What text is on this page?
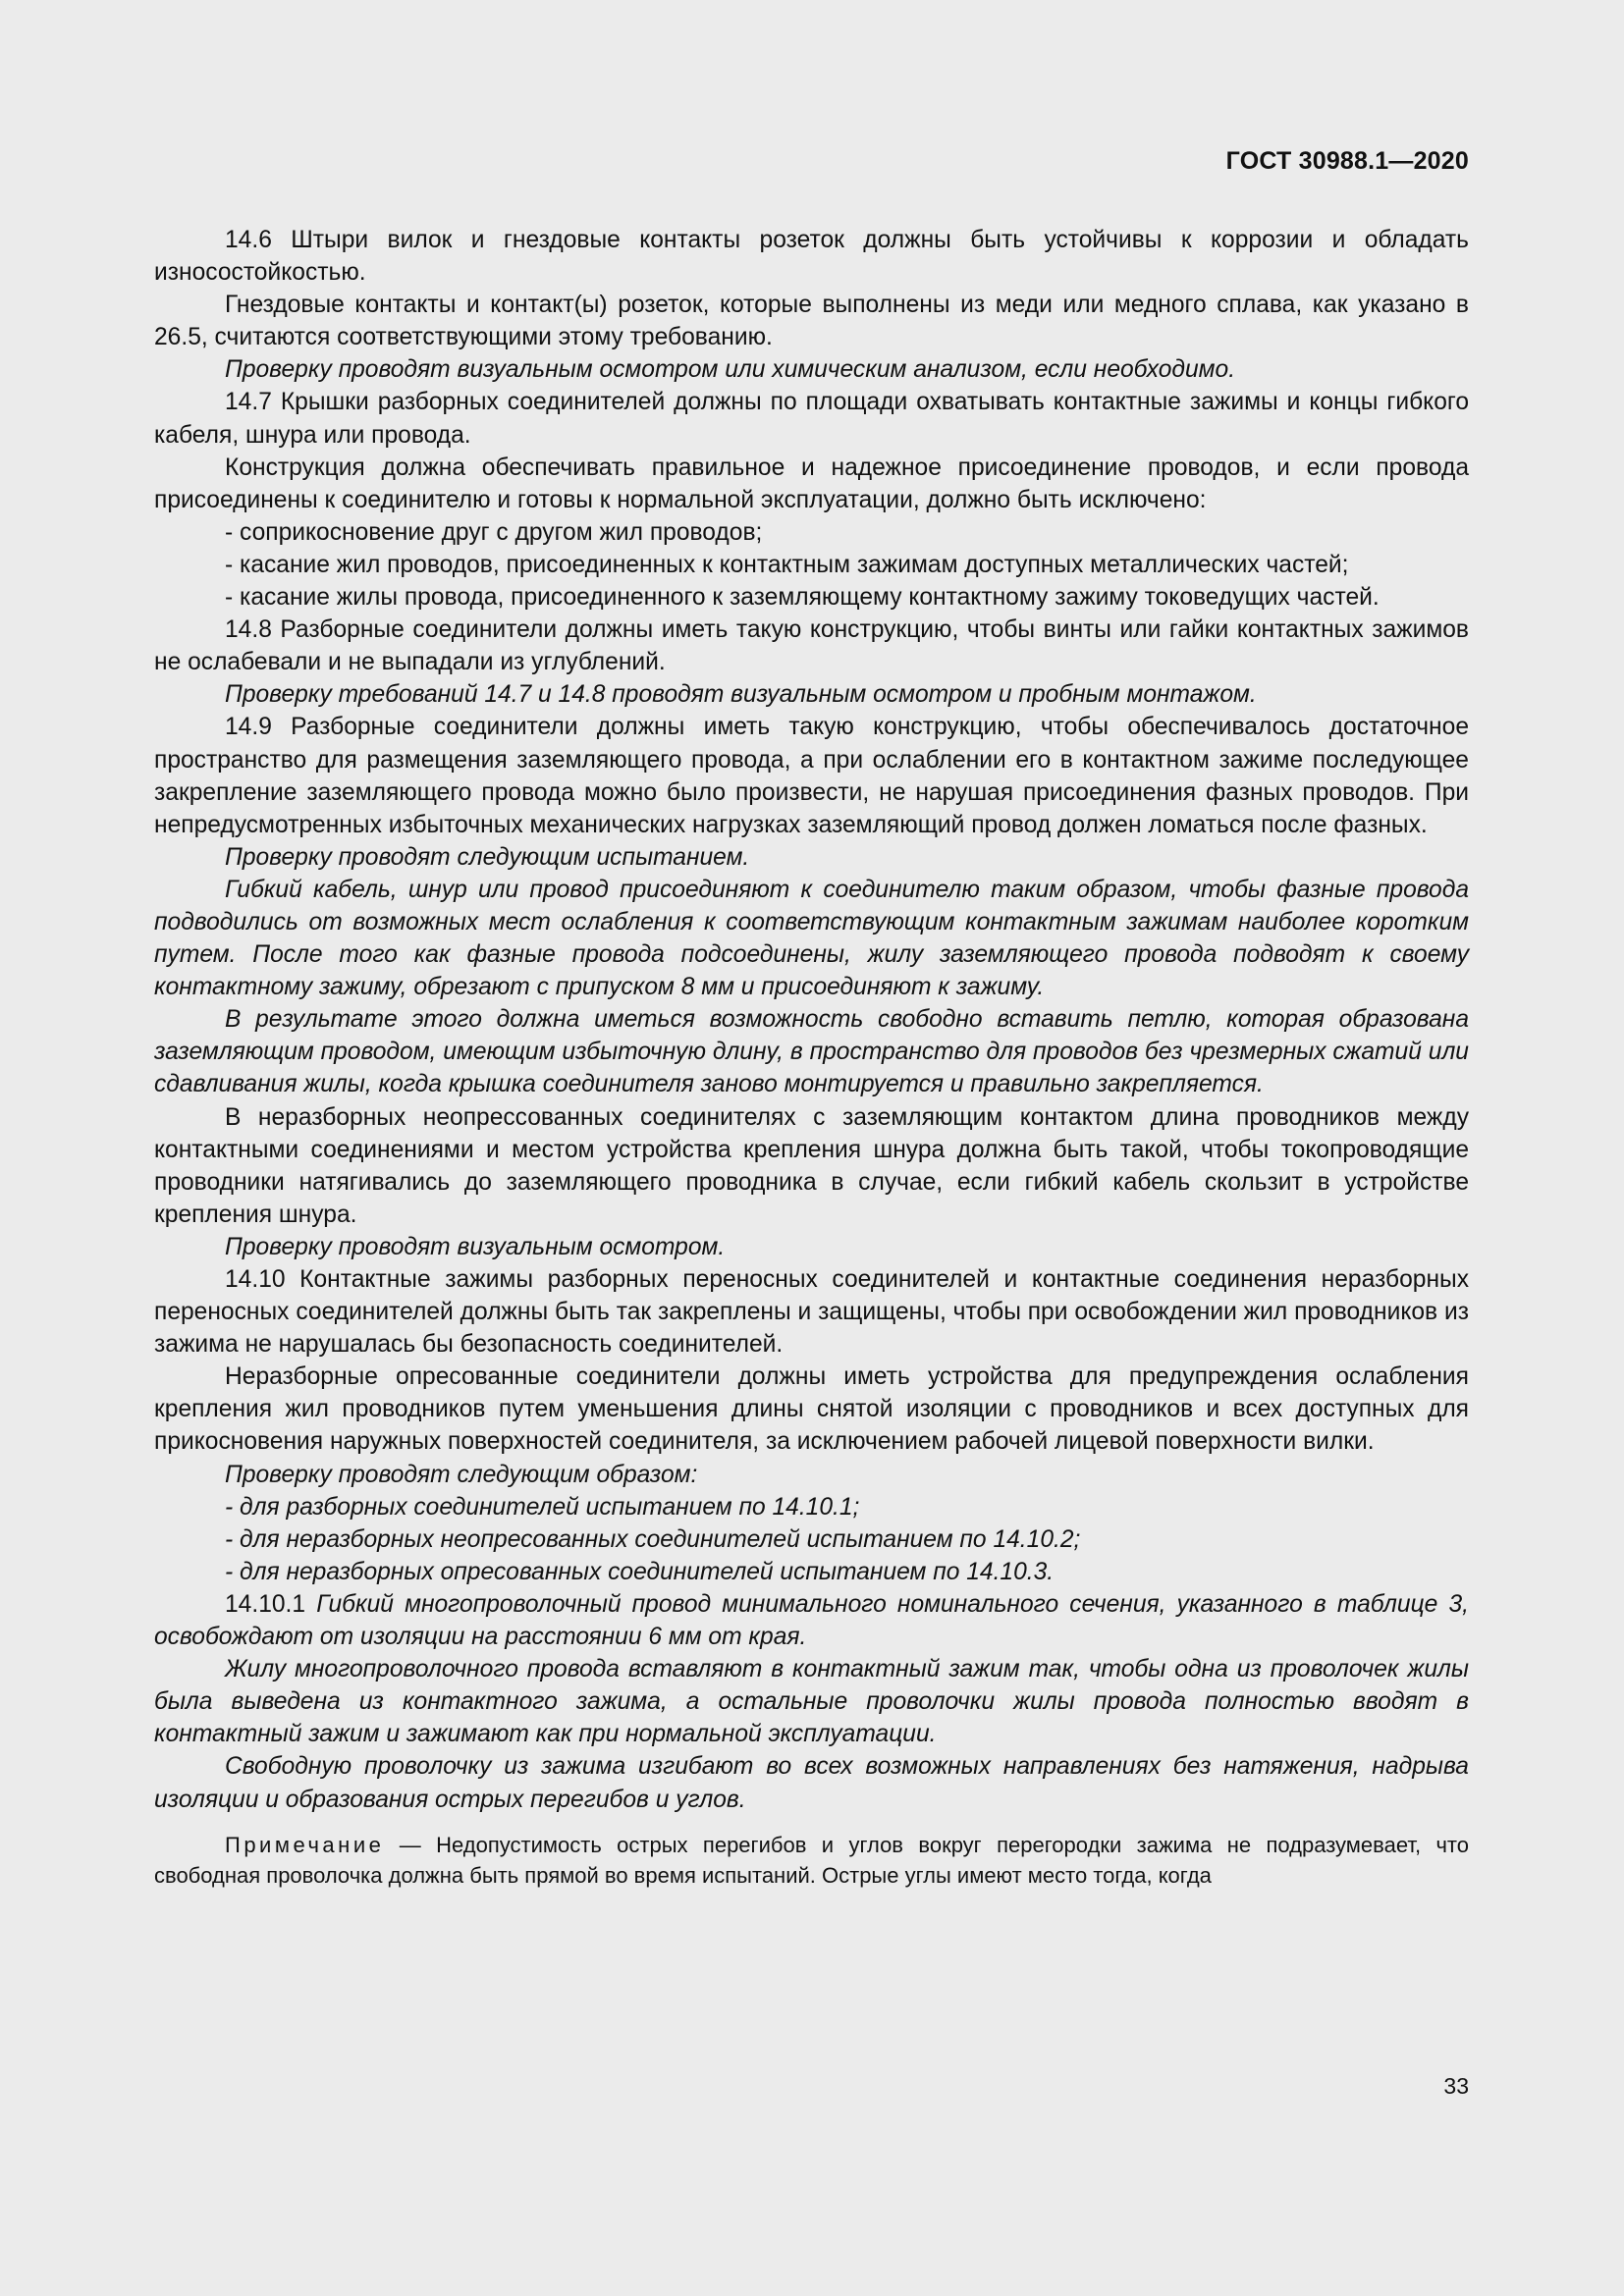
ГОСТ 30988.1—2020

14.6 Штыри вилок и гнездовые контакты розеток должны быть устойчивы к коррозии и обладать износостойкостью.

Гнездовые контакты и контакт(ы) розеток, которые выполнены из меди или медного сплава, как указано в 26.5, считаются соответствующими этому требованию.

Проверку проводят визуальным осмотром или химическим анализом, если необходимо.

14.7 Крышки разборных соединителей должны по площади охватывать контактные зажимы и концы гибкого кабеля, шнура или провода.

Конструкция должна обеспечивать правильное и надежное присоединение проводов, и если провода присоединены к соединителю и готовы к нормальной эксплуатации, должно быть исключено:

- соприкосновение друг с другом жил проводов;

- касание жил проводов, присоединенных к контактным зажимам доступных металлических частей;

- касание жилы провода, присоединенного к заземляющему контактному зажиму токоведущих частей.

14.8 Разборные соединители должны иметь такую конструкцию, чтобы винты или гайки контактных зажимов не ослабевали и не выпадали из углублений.

Проверку требований 14.7 и 14.8 проводят визуальным осмотром и пробным монтажом.

14.9 Разборные соединители должны иметь такую конструкцию, чтобы обеспечивалось достаточное пространство для размещения заземляющего провода, а при ослаблении его в контактном зажиме последующее закрепление заземляющего провода можно было произвести, не нарушая присоединения фазных проводов. При непредусмотренных избыточных механических нагрузках заземляющий провод должен ломаться после фазных.

Проверку проводят следующим испытанием.

Гибкий кабель, шнур или провод присоединяют к соединителю таким образом, чтобы фазные провода подводились от возможных мест ослабления к соответствующим контактным зажимам наиболее коротким путем. После того как фазные провода подсоединены, жилу заземляющего провода подводят к своему контактному зажиму, обрезают с припуском 8 мм и присоединяют к зажиму.

В результате этого должна иметься возможность свободно вставить петлю, которая образована заземляющим проводом, имеющим избыточную длину, в пространство для проводов без чрезмерных сжатий или сдавливания жилы, когда крышка соединителя заново монтируется и правильно закрепляется.

В неразборных неопрессованных соединителях с заземляющим контактом длина проводников между контактными соединениями и местом устройства крепления шнура должна быть такой, чтобы токопроводящие проводники натягивались до заземляющего проводника в случае, если гибкий кабель скользит в устройстве крепления шнура.

Проверку проводят визуальным осмотром.

14.10 Контактные зажимы разборных переносных соединителей и контактные соединения неразборных переносных соединителей должны быть так закреплены и защищены, чтобы при освобождении жил проводников из зажима не нарушалась бы безопасность соединителей.

Неразборные опресованные соединители должны иметь устройства для предупреждения ослабления крепления жил проводников путем уменьшения длины снятой изоляции с проводников и всех доступных для прикосновения наружных поверхностей соединителя, за исключением рабочей лицевой поверхности вилки.

Проверку проводят следующим образом:

- для разборных соединителей испытанием по 14.10.1;

- для неразборных неопресованных соединителей испытанием по 14.10.2;

- для неразборных опресованных соединителей испытанием по 14.10.3.

14.10.1 Гибкий многопроволочный провод минимального номинального сечения, указанного в таблице 3, освобождают от изоляции на расстоянии 6 мм от края.

Жилу многопроволочного провода вставляют в контактный зажим так, чтобы одна из проволочек жилы была выведена из контактного зажима, а остальные проволочки жилы провода полностью вводят в контактный зажим и зажимают как при нормальной эксплуатации.

Свободную проволочку из зажима изгибают во всех возможных направлениях без натяжения, надрыва изоляции и образования острых перегибов и углов.

Примечание — Недопустимость острых перегибов и углов вокруг перегородки зажима не подразумевает, что свободная проволочка должна быть прямой во время испытаний. Острые углы имеют место тогда, когда

33
